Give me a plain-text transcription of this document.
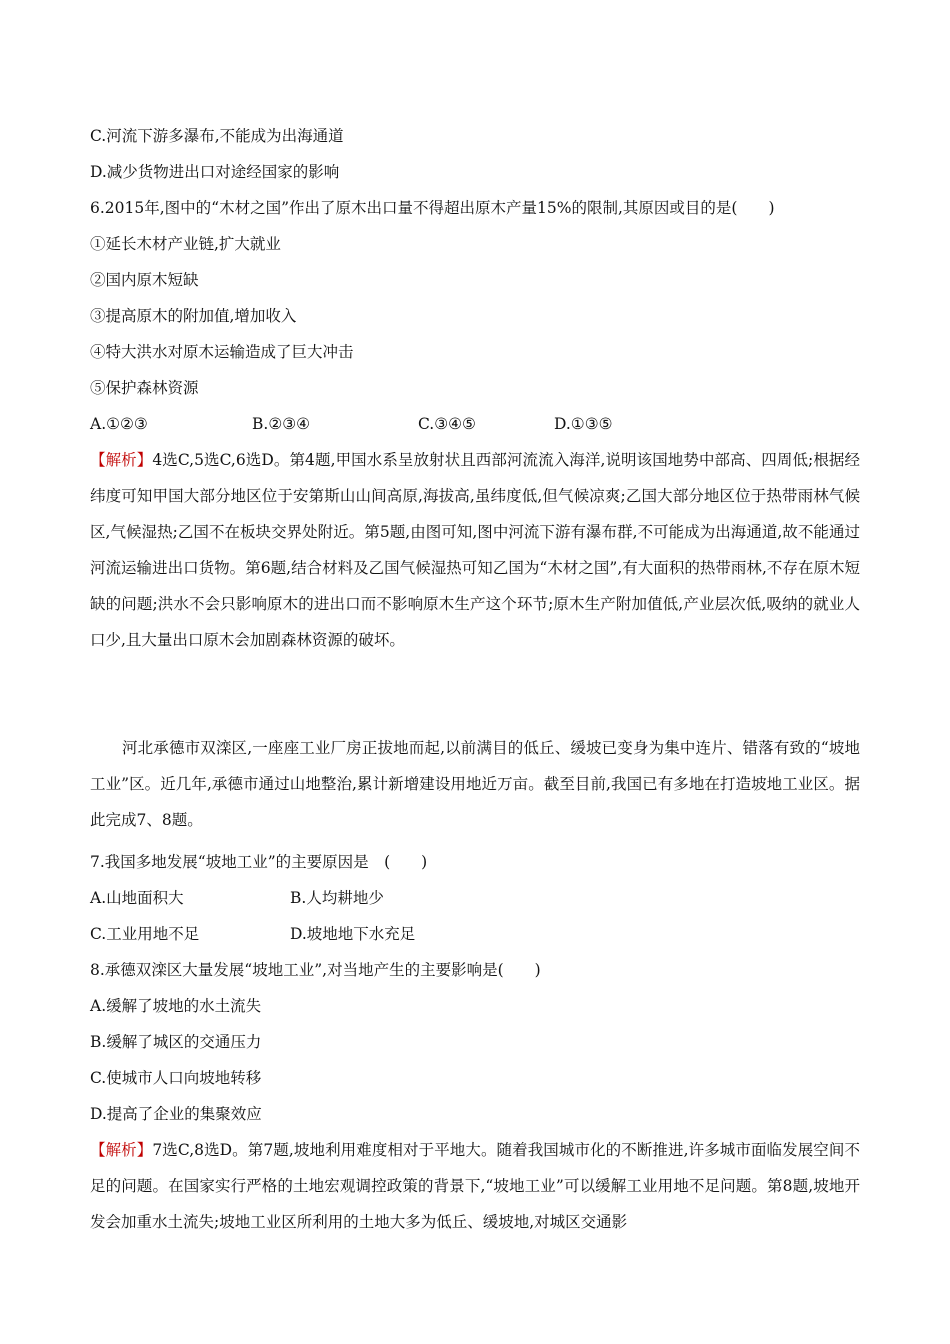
C.河流下游多瀑布,不能成为出海通道
D.减少货物进出口对途经国家的影响
6.2015年,图中的“木材之国”作出了原木出口量不得超出原木产量15%的限制,其原因或目的是(　　)
①延长木材产业链,扩大就业
②国内原木短缺
③提高原木的附加值,增加收入
④特大洪水对原木运输造成了巨大冲击
⑤保护森林资源
A.①②③	B.②③④	C.③④⑤	D.①③⑤
【解析】4选C,5选C,6选D。第4题,甲国水系呈放射状且西部河流流入海洋,说明该国地势中部高、四周低;根据经纬度可知甲国大部分地区位于安第斯山山间高原,海拔高,虽纬度低,但气候凉爽;乙国大部分地区位于热带雨林气候区,气候湿热;乙国不在板块交界处附近。第5题,由图可知,图中河流下游有瀑布群,不可能成为出海通道,故不能通过河流运输进出口货物。第6题,结合材料及乙国气候湿热可知乙国为“木材之国”,有大面积的热带雨林,不存在原木短缺的问题;洪水不会只影响原木的进出口而不影响原木生产这个环节;原木生产附加值低,产业层次低,吸纳的就业人口少,且大量出口原木会加剧森林资源的破坏。
河北承德市双滦区,一座座工业厂房正拔地而起,以前满目的低丘、缓坡已变身为集中连片、错落有致的“坡地工业”区。近几年,承德市通过山地整治,累计新增建设用地近万亩。截至目前,我国已有多地在打造坡地工业区。据此完成7、8题。
7.我国多地发展“坡地工业”的主要原因是　(　　)
A.山地面积大	B.人均耕地少
C.工业用地不足	D.坡地地下水充足
8.承德双滦区大量发展“坡地工业”,对当地产生的主要影响是(　　)
A.缓解了坡地的水土流失
B.缓解了城区的交通压力
C.使城市人口向坡地转移
D.提高了企业的集聚效应
【解析】7选C,8选D。第7题,坡地利用难度相对于平地大。随着我国城市化的不断推进,许多城市面临发展空间不足的问题。在国家实行严格的土地宏观调控政策的背景下,“坡地工业”可以缓解工业用地不足问题。第8题,坡地开发会加重水土流失;坡地工业区所利用的土地大多为低丘、缓坡地,对城区交通影
